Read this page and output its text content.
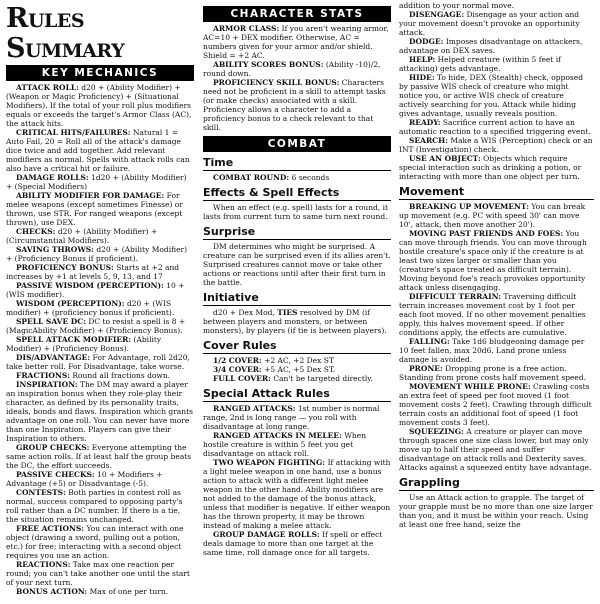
Rules Summary
KEY MECHANICS

ATTACK ROLL: d20 + (Ability Modifier) + (Weapon or Magic Proficiency) + (Situational Modifiers). If the total of your roll plus modifiers equals or exceeds the target's Armor Class (AC), the attack hits.

CRITICAL HITS/FAILURES: Natural 1 = Auto Fail, 20 = Roll all of the attack's damage dice twice and add together. Add relevant modifiers as normal. Spells with attack rolls can also have a critical hit or failure.

DAMAGE ROLLS: 1d20 + (Ability Modifier) + (Special Modifiers)

ABILITY MODIFIER FOR DAMAGE: For melee weapons (except sometimes Finesse) or thrown, use STR. For ranged weapons (except thrown), use DEX.

CHECKS: d20 + (Ability Modifier) + (Circumstantial Modifiers).

SAVING THROWS: d20 + (Ability Modifier) + (Proficiency Bonus if proficient).

PROFICIENCY BONUS: Starts at +2 and increases by +1 at levels 5, 9, 13, and 17

PASSIVE WISDOM (PERCEPTION): 10 + (WIS modifier).

WISDOM (PERCEPTION): d20 + (WIS modifier) + (proficiency bonus if proficient).

SPELL SAVE DC: DC to resist a spell is 8 + (MagicAbility Modifier) + (Proficiency Bonus).

SPELL ATTACK MODIFIER: (Ability Modifier) + (Proficiency Bonus).

DIS/ADVANTAGE: For Advantage, roll 2d20, take better roll. For Disadvantage, take worse.

FRACTIONS: Round all fractions down.

INSPIRATION: The DM may award a player an inspiration bonus when they role-play their character, as defined by its personality traits, ideals, bonds and flaws. Inspiration which grants advantage on one roll. You can never have more than one Inspiration. Players can give their Inspiration to others.

GROUP CHECKS: Everyone attempting the same action rolls. If at least half the group beats the DC, the effort succeeds.

PASSIVE CHECKS: 10 + Modifiers + Advantage (+5) or Disadvantage (-5).

CONTESTS: Both parties in contest roll as normal, success compared to opposing party's roll rather than a DC number. If there is a tie, the situation remains unchanged.

FREE ACTIONS: You can interact with one object (drawing a sword, pulling out a potion, etc.) for free; interacting with a second object requires you use an action.

REACTIONS: Take max one reaction per round; you can't take another one until the start of your next turn.

BONUS ACTION: Max of one per turn.

CHARACTER STATS

ARMOR CLASS: If you aren't wearing armor, AC=10 + DEX modifier. Otherwise, AC = numbers given for your armor and/or shield. Shield = +2 AC.

ABILITY SCORES BONUS: (Ability -10)/2, round down.

PROFICIENCY SKILL BONUS: Characters need not be proficient in a skill to attempt tasks (or make checks) associated with a skill. Proficiency allows a character to add a proficiency bonus to a check relevant to that skill.

COMBAT
Time

COMBAT ROUND: 6 seconds

Effects & Spell Effects

When an effect (e.g. spell) lasts for a round, it lasts from current turn to same turn next round.

Surprise

DM determines who might be surprised. A creature can be surprised even if its allies aren't. Surprised creatures cannot move or take other actions or reactions until after their first turn in the battle.

Initiative

d20 + Dex Mod, TIES resolved by DM (if between players and monsters, or between monsters), by players (if tie is between players).

Cover Rules

1/2 COVER: +2 AC, +2 Dex ST

3/4 COVER: +5 AC, +5 Dex ST.

FULL COVER: Can't be targeted directly.

Special Attack Rules

RANGED ATTACKS: 1st number is normal range, 2nd is long range — you roll with disadvantage at long range.

RANGED ATTACKS IN MELEE: When hostile creature is within 5 feet you get disadvantage on attack roll.

TWO WEAPON FIGHTING: If attacking with a light melee weapon in one hand, use a bonus action to attack with a different light melee weapon in the other hand. Ability modifiers are not added to the damage of the bonus attack, unless that modifier is negative. If either weapon has the thrown property, it may be thrown instead of making a melee attack.

GROUP DAMAGE ROLLS: If spell or effect deals damage to more than one target at the same time, roll damage once for all targets.

addition to your normal move.

DISENGAGE: Disengage as your action and your movement doesn't provoke an opportunity attack.

DODGE: Imposes disadvantage on attackers, advantage on DEX saves.

HELP: Helped creature (within 5 feet if attacking) gets advantage.

HIDE: To hide, DEX (Stealth) check, opposed by passive WIS check of creature who might notice you, or active WIS check of creature actively searching for you. Attack while hiding gives advantage, usually reveals position.

READY: Sacrifice current action to have an automatic reaction to a specified triggering event.

SEARCH: Make a WIS (Perception) check or an INT (Investigation) check.

USE AN OBJECT: Objects which require special interaction such as drinking a potion, or interacting with more than one object per turn.

Movement

BREAKING UP MOVEMENT: You can break up movement (e.g. PC with speed 30' can move 10', attack, then move another 20').

MOVING PAST FRIENDS AND FOES: You can move through friends. You can move through hostile creature's space only if the creature is at least two sizes larger or smaller than you (creature's space treated as difficult terrain). Moving beyond foe's reach provokes opportunity attack unless disengaging.

DIFFICULT TERRAIN: Traversing difficult terrain increases movement cost by 1 foot per each foot moved. If no other movement penalties apply, this halves movement speed. If other conditions apply, the effects are cumulative.

FALLING: Take 1d6 bludgeoning damage per 10 feet fallen, max 20d6. Land prone unless damage is avoided.

PRONE: Dropping prone is a free action. Standing from prone costs half movement speed.

MOVEMENT WHILE PRONE: Crawling costs an extra feet of speed per foot moved (1 foot movement costs 2 feet). Crawling through difficult terrain costs an additional foot of speed (1 foot movement costs 3 feet).

SQUEEZING: A creature or player can move through spaces one size class lower, but may only move up to half their speed and suffer disadvantage on attack rolls and Dexterity saves. Attacks against a squeezed entity have advantage.

Grappling

Use an Attack action to grapple. The target of your grapple must be no more than one size larger than you, and it must be within your reach. Using at least one free hand, seize the
